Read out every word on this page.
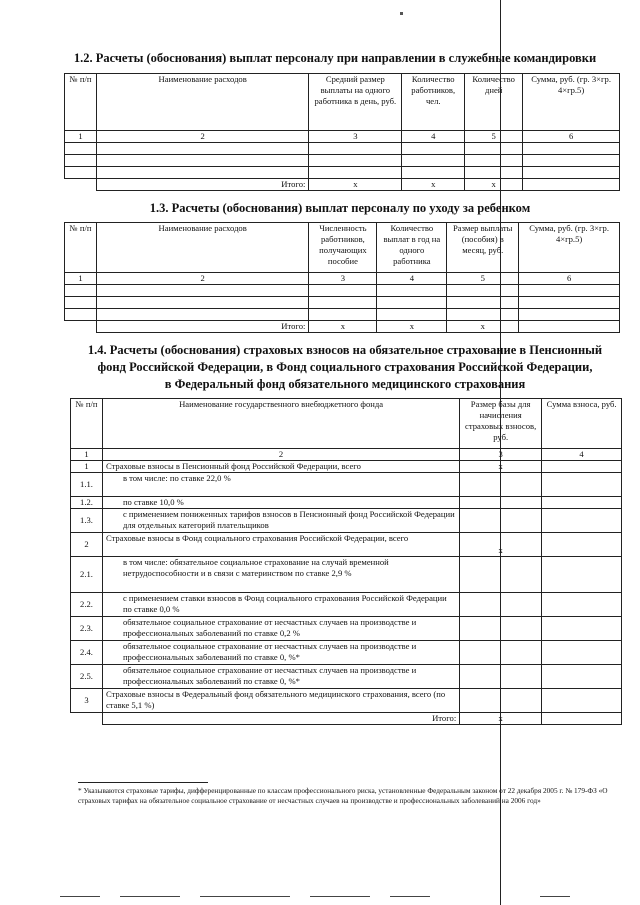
1.2. Расчеты (обоснования) выплат персоналу при направлении в служебные командировки
№ п/п	Наименование расходов	Средний размер выплаты на одного работника в день, руб.	Количество работников, чел.	Количество дней	Сумма, руб. (гр. 3×гр. 4×гр.5)
1	2	3	4	5	6

	Итого:	x	x	x	
1.3. Расчеты (обоснования) выплат персоналу по уходу за ребенком
№ п/п	Наименование расходов	Численность работников, получающих пособие	Количество выплат в год на одного работника	Размер выплаты (пособия) в месяц, руб.	Сумма, руб. (гр. 3×гр. 4×гр.5)
1	2	3	4	5	6

	Итого:	x	x	x	
1.4. Расчеты (обоснования) страховых взносов на обязательное страхование в Пенсионный
фонд Российской Федерации, в Фонд социального страхования Российской Федерации,
в Федеральный фонд обязательного медицинского страхования
№ п/п	Наименование государственного внебюджетного фонда	Размер базы для начисления страховых взносов, руб.	Сумма взноса, руб.
1	2	3	4
1	Страховые взносы в Пенсионный фонд Российской Федерации, всего	x	
1.1.	в том числе: по ставке 22,0 %		
1.2.	по ставке 10,0 %		
1.3.	с применением пониженных тарифов взносов в Пенсионный фонд Российской Федерации для отдельных категорий плательщиков		
2	Страховые взносы в Фонд социального страхования Российской Федерации, всего	x	
2.1.	в том числе: обязательное социальное страхование на случай временной нетрудоспособности и в связи с материнством по ставке 2,9 %		
2.2.	с применением ставки взносов в Фонд социального страхования Российской Федерации по ставке 0,0 %		
2.3.	обязательное социальное страхование от несчастных случаев на производстве и профессиональных заболеваний по ставке 0,2 %		
2.4.	обязательное социальное страхование от несчастных случаев на производстве и профессиональных заболеваний по ставке 0, %*		
2.5.	обязательное социальное страхование от несчастных случаев на производстве и профессиональных заболеваний по ставке 0, %*		
3	Страховые взносы в Федеральный фонд обязательного медицинского страхования, всего (по ставке 5,1 %)		
	Итого:	x	
* Указываются страховые тарифы, дифференцированные по классам профессионального риска, установленные Федеральным законом от 22 декабря 2005 г. № 179-ФЗ «О страховых тарифах на обязательное социальное страхование от несчастных случаев на производстве и профессиональных заболеваний на 2006 год»
